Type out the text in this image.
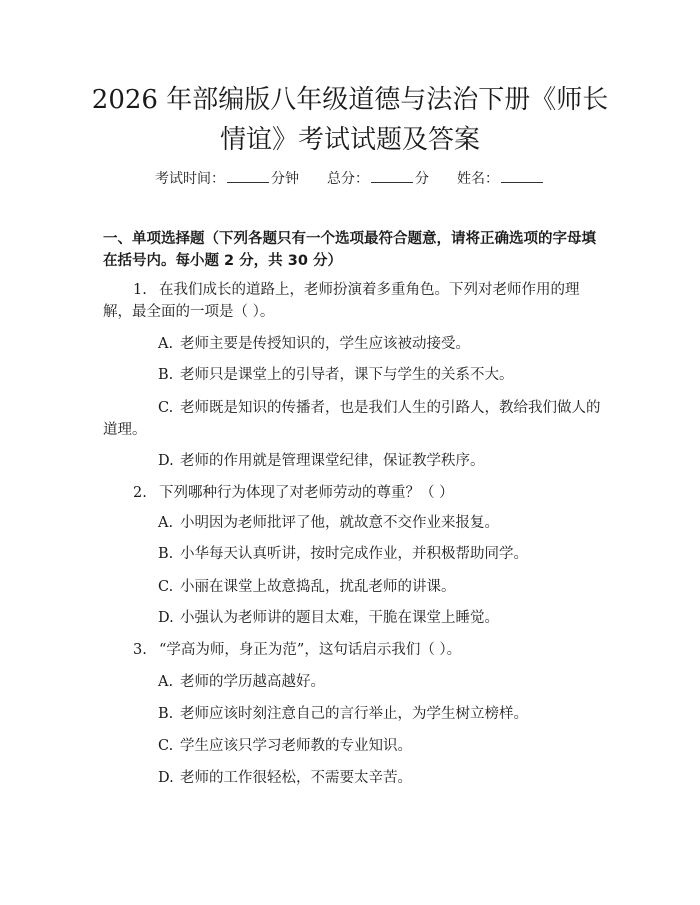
2026 年部编版八年级道德与法治下册《师长
情谊》考试试题及答案
考试时间：	分钟 总分：	分 姓名：
一、单项选择题（下列各题只有一个选项最符合题意，请将正确选项的字母填在括号内。每小题 2 分，共 30 分）
1. 在我们成长的道路上，老师扮演着多重角色。下列对老师作用的理解，最全面的一项是（ ）。
A. 老师主要是传授知识的，学生应该被动接受。
B. 老师只是课堂上的引导者，课下与学生的关系不大。
C. 老师既是知识的传播者，也是我们人生的引路人，教给我们做人的道理。
D. 老师的作用就是管理课堂纪律，保证教学秩序。
2. 下列哪种行为体现了对老师劳动的尊重？（ ）
A. 小明因为老师批评了他，就故意不交作业来报复。
B. 小华每天认真听讲，按时完成作业，并积极帮助同学。
C. 小丽在课堂上故意捣乱，扰乱老师的讲课。
D. 小强认为老师讲的题目太难，干脆在课堂上睡觉。
3. “学高为师，身正为范”，这句话启示我们（ ）。
A. 老师的学历越高越好。
B. 老师应该时刻注意自己的言行举止，为学生树立榜样。
C. 学生应该只学习老师教的专业知识。
D. 老师的工作很轻松，不需要太辛苦。
